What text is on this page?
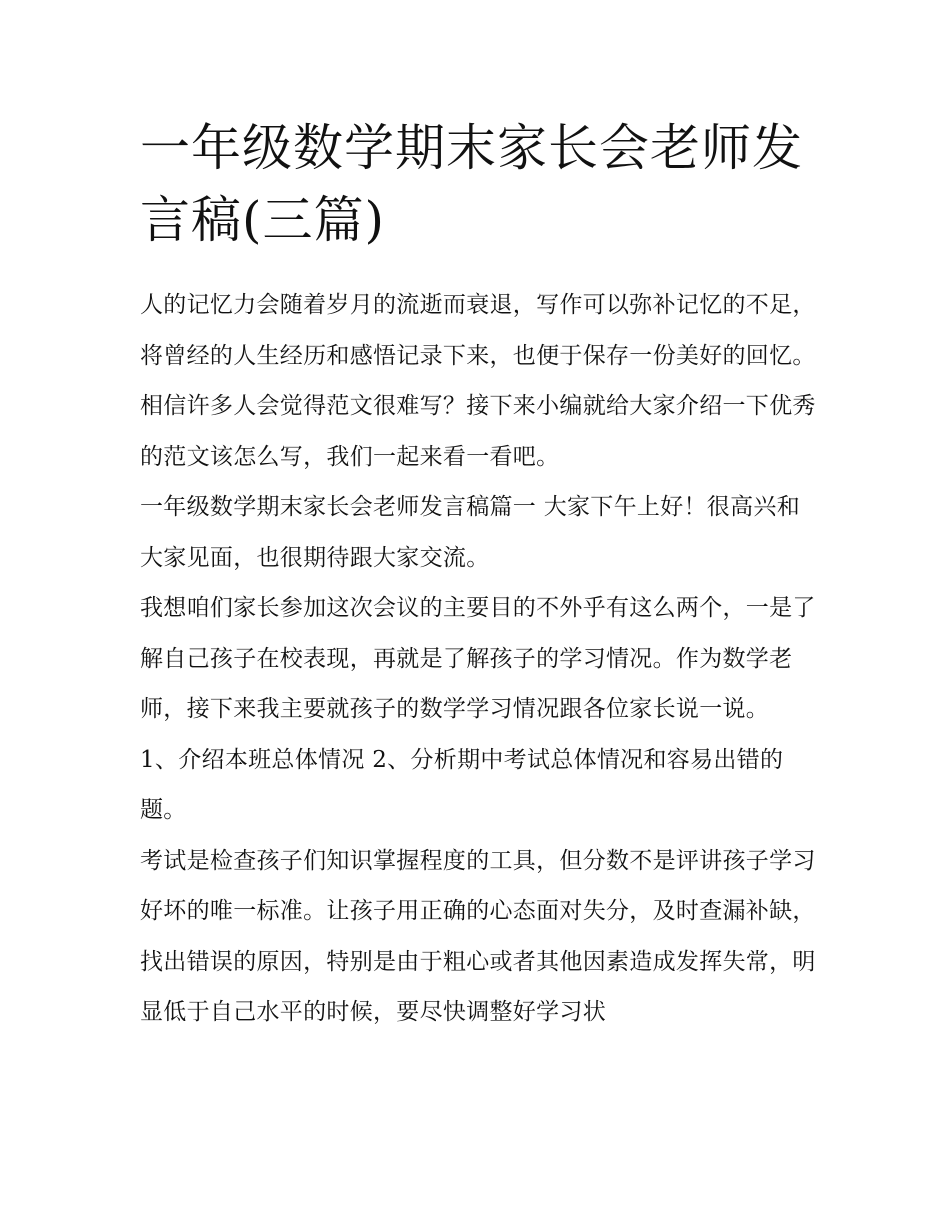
一年级数学期末家长会老师发言稿(三篇)

人的记忆力会随着岁月的流逝而衰退，写作可以弥补记忆的不足，将曾经的人生经历和感悟记录下来，也便于保存一份美好的回忆。相信许多人会觉得范文很难写？接下来小编就给大家介绍一下优秀的范文该怎么写，我们一起来看一看吧。

一年级数学期末家长会老师发言稿篇一 大家下午上好！很高兴和大家见面，也很期待跟大家交流。

我想咱们家长参加这次会议的主要目的不外乎有这么两个，一是了解自己孩子在校表现，再就是了解孩子的学习情况。作为数学老师，接下来我主要就孩子的数学学习情况跟各位家长说一说。

1、介绍本班总体情况 2、分析期中考试总体情况和容易出错的题。

考试是检查孩子们知识掌握程度的工具，但分数不是评讲孩子学习好坏的唯一标准。让孩子用正确的心态面对失分，及时查漏补缺，找出错误的原因，特别是由于粗心或者其他因素造成发挥失常，明显低于自己水平的时候，要尽快调整好学习状
